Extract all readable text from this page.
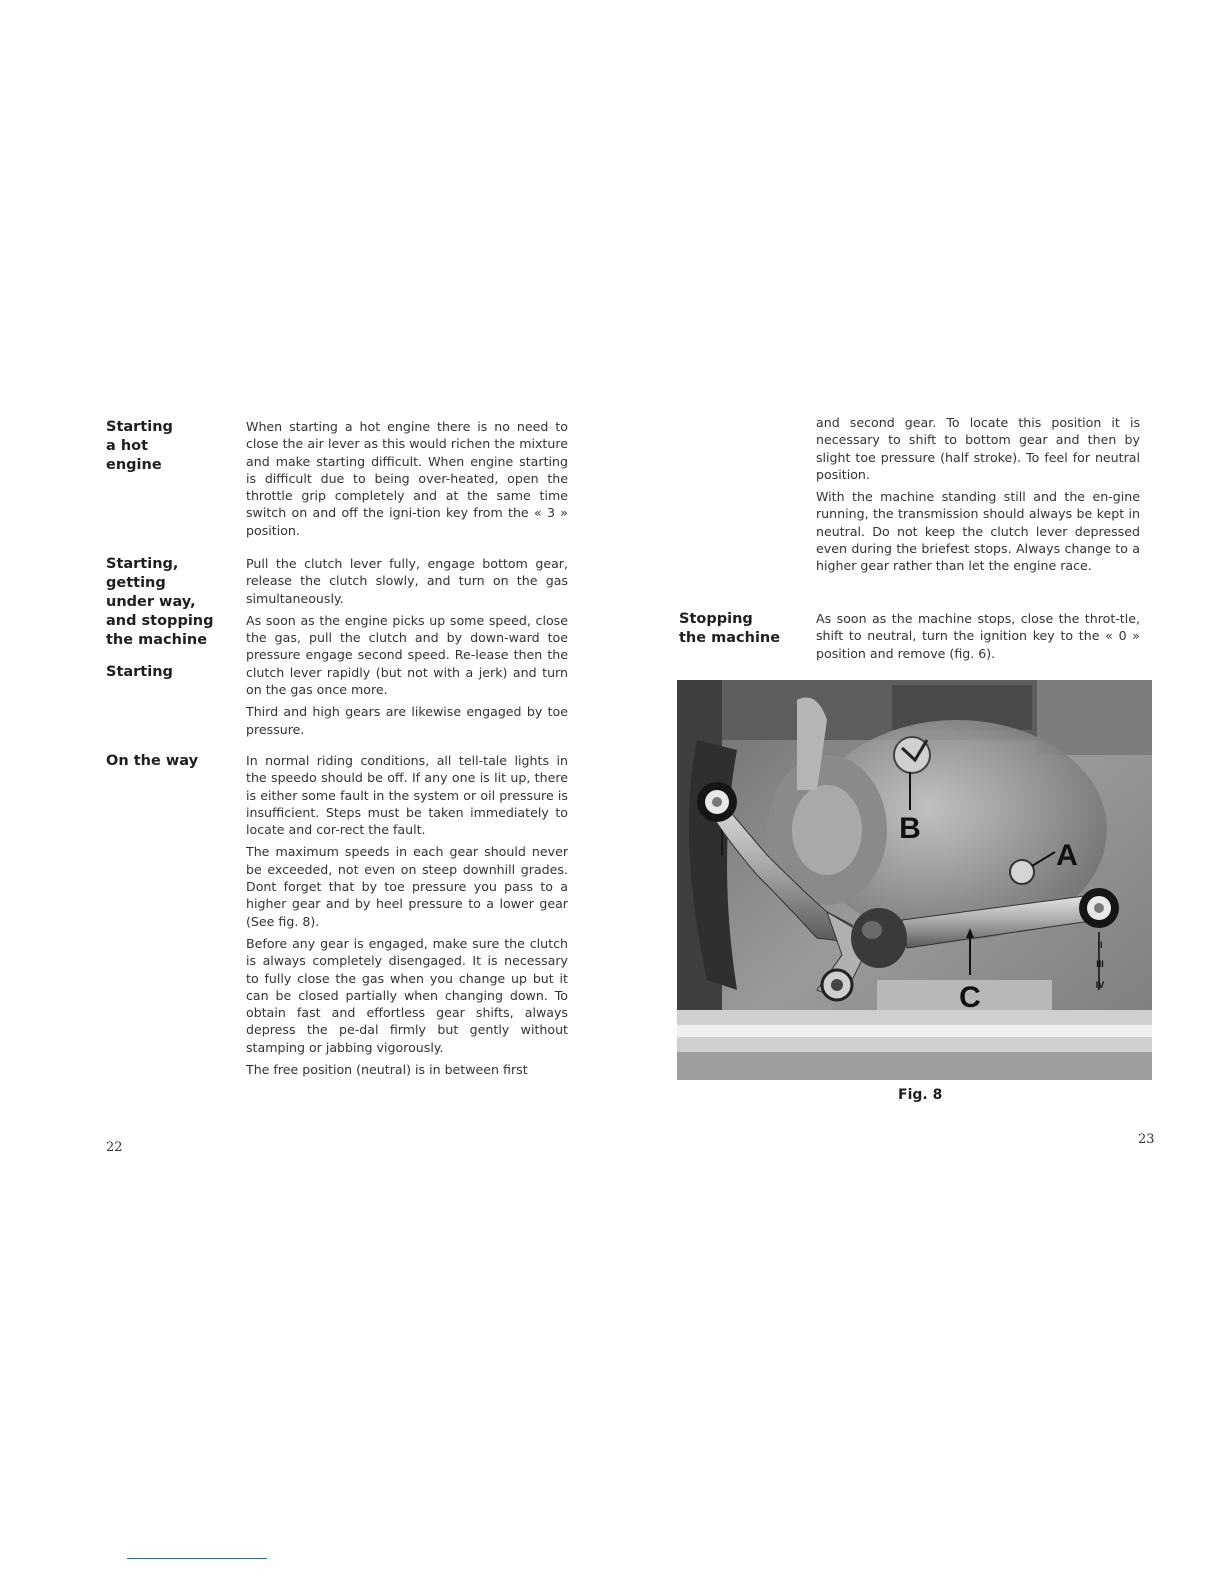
Starting
a hot
engine

When starting a hot engine there is no need to close the air lever as this would richen the mixture and make starting difficult. When engine starting is difficult due to being over-heated, open the throttle grip completely and at the same time switch on and off the igni-tion key from the « 3 » position.

Starting,
getting
under way,
and stopping
the machine
Starting

Pull the clutch lever fully, engage bottom gear, release the clutch slowly, and turn on the gas simultaneously.

As soon as the engine picks up some speed, close the gas, pull the clutch and by down-ward toe pressure engage second speed. Re-lease then the clutch lever rapidly (but not with a jerk) and turn on the gas once more.

Third and high gears are likewise engaged by toe pressure.

On the way	In normal riding conditions, all tell-tale lights in the speedo should be off. If any one is lit up, there is either some fault in the system or oil pressure is insufficient. Steps must be taken immediately to locate and cor-rect the fault.

The maximum speeds in each gear should never be exceeded, not even on steep downhill grades. Dont forget that by toe pressure you pass to a higher gear and by heel pressure to a lower gear (See fig. 8).

Before any gear is engaged, make sure the clutch is always completely disengaged. It is necessary to fully close the gas when you change up but it can be closed partially when changing down. To obtain fast and effortless gear shifts, always depress the pe-dal firmly but gently without stamping or jabbing vigorously.

The free position (neutral) is in between first

22

and second gear. To locate this position it is necessary to shift to bottom gear and then by slight toe pressure (half stroke). To feel for neutral position.

With the machine standing still and the en-gine running, the transmission should always be kept in neutral. Do not keep the clutch lever depressed even during the briefest stops. Always change to a higher gear rather than let the engine race.

Stopping
the machine

As soon as the machine stops, close the throt-tle, shift to neutral, turn the ignition key to the « 0 » position and remove (fig. 6).

B
A
C
II
III
IV
Fig. 8
23
